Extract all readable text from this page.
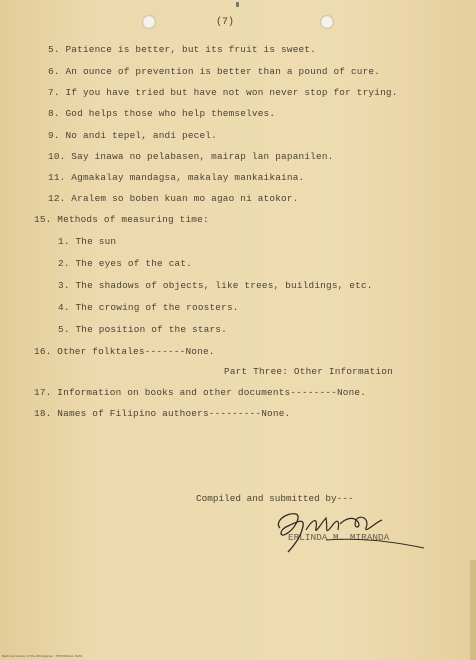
(7)
5. Patience is better, but its fruit is sweet.
6. An ounce of prevention is better than a pound of cure.
7. If you have tried but have not won never stop for trying.
8. God helps those who help themselves.
9. No andi tepel, andi pecel.
10. Say inawa no pelabasen, mairap lan papanilen.
11. Agmakalay mandagsa, makalay mankaikaina.
12. Aralem so boben kuan mo agao ni atokor.
15. Methods of measuring time:
1. The sun
2. The eyes of the cat.
3. The shadows of objects, like trees, buildings, etc.
4. The crowing of the roosters.
5. The position of the stars.
16. Other folktales-------None.
Part Three: Other Information
17. Information on books and other documents--------None.
18. Names of Filipino authoers---------None.
Compiled and submitted by---
ERLINDA M. MIRANDA
National Library of the Philippines · HISTORICAL DATA
